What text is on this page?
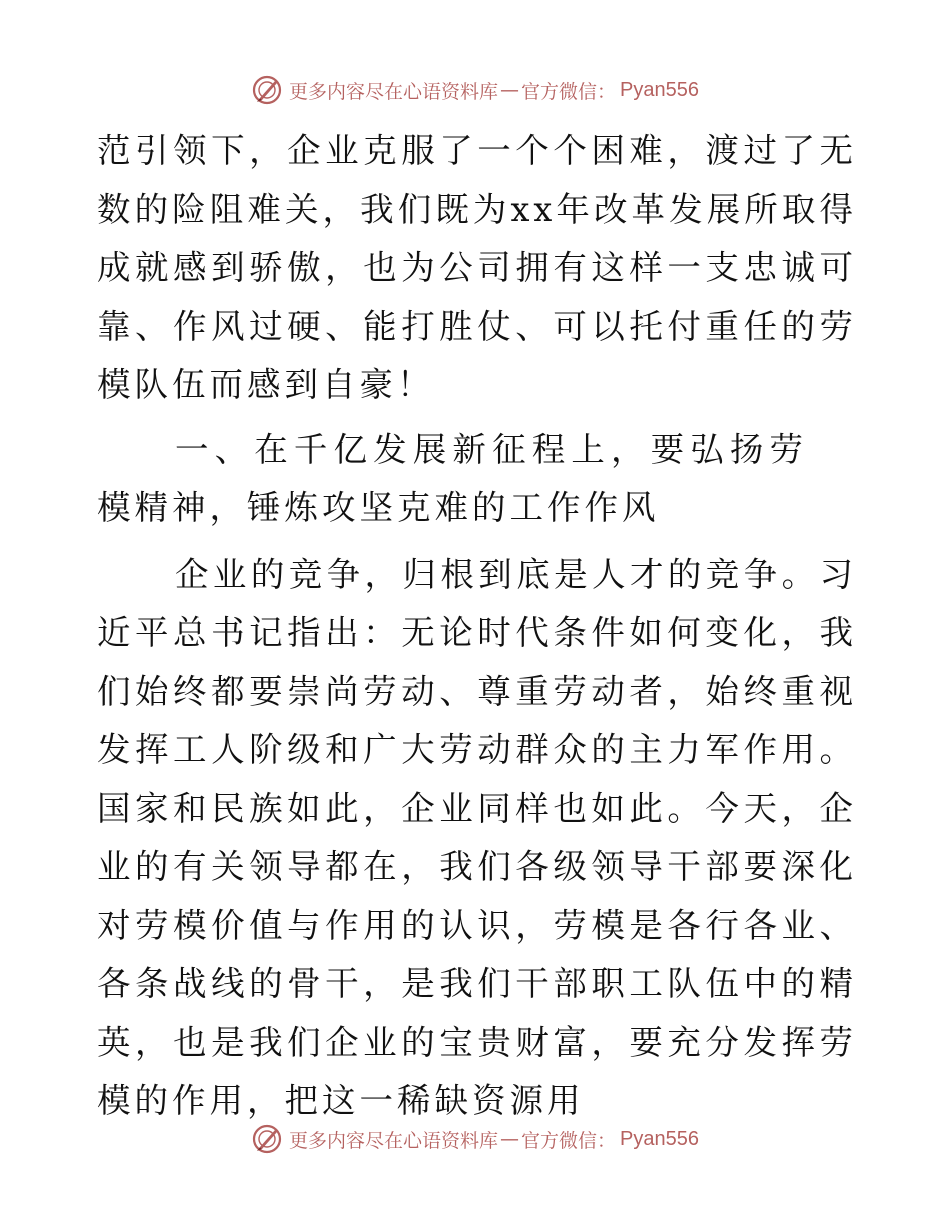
更多内容尽在心语资料库 — 官方微信： Pyan556

范引领下，企业克服了一个个困难，渡过了无数的险阻难关，我们既为xx年改革发展所取得成就感到骄傲，也为公司拥有这样一支忠诚可靠、作风过硬、能打胜仗、可以托付重任的劳模队伍而感到自豪！

一、在千亿发展新征程上，要弘扬劳模精神，锤炼攻坚克难的工作作风

企业的竞争，归根到底是人才的竞争。习近平总书记指出：无论时代条件如何变化，我们始终都要崇尚劳动、尊重劳动者，始终重视发挥工人阶级和广大劳动群众的主力军作用。国家和民族如此，企业同样也如此。今天，企业的有关领导都在，我们各级领导干部要深化对劳模价值与作用的认识，劳模是各行各业、各条战线的骨干，是我们干部职工队伍中的精英，也是我们企业的宝贵财富，要充分发挥劳模的作用，把这一稀缺资源用

更多内容尽在心语资料库 — 官方微信： Pyan556
